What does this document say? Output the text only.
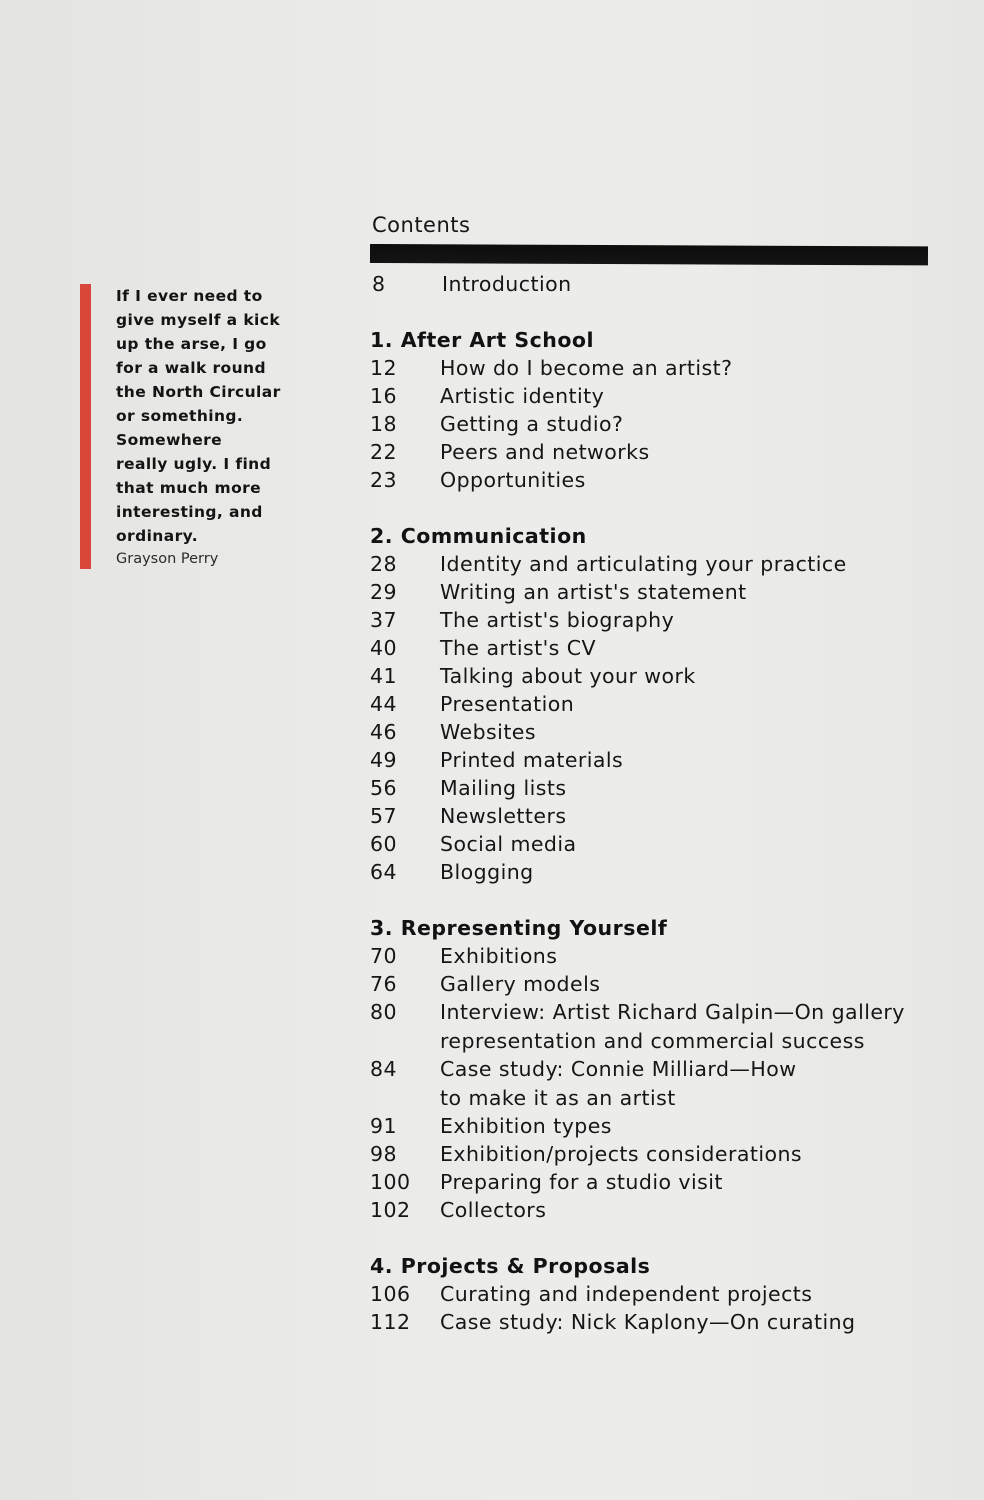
If I ever need to
give myself a kick
up the arse, I go
for a walk round
the North Circular
or something.
Somewhere
really ugly. I find
that much more
interesting, and
ordinary.

Grayson Perry
Contents
8	Introduction
1. After Art School
12	How do I become an artist?
16	Artistic identity
18	Getting a studio?
22	Peers and networks
23	Opportunities
2. Communication
28	Identity and articulating your practice
29	Writing an artist's statement
37	The artist's biography
40	The artist's CV
41	Talking about your work
44	Presentation
46	Websites
49	Printed materials
56	Mailing lists
57	Newsletters
60	Social media
64	Blogging
3. Representing Yourself
70	Exhibitions
76	Gallery models
80	Interview: Artist Richard Galpin—On gallery
representation and commercial success
84	Case study: Connie Milliard—How
to make it as an artist
91	Exhibition types
98	Exhibition/projects considerations
100	Preparing for a studio visit
102	Collectors
4. Projects & Proposals
106	Curating and independent projects
112	Case study: Nick Kaplony—On curating
